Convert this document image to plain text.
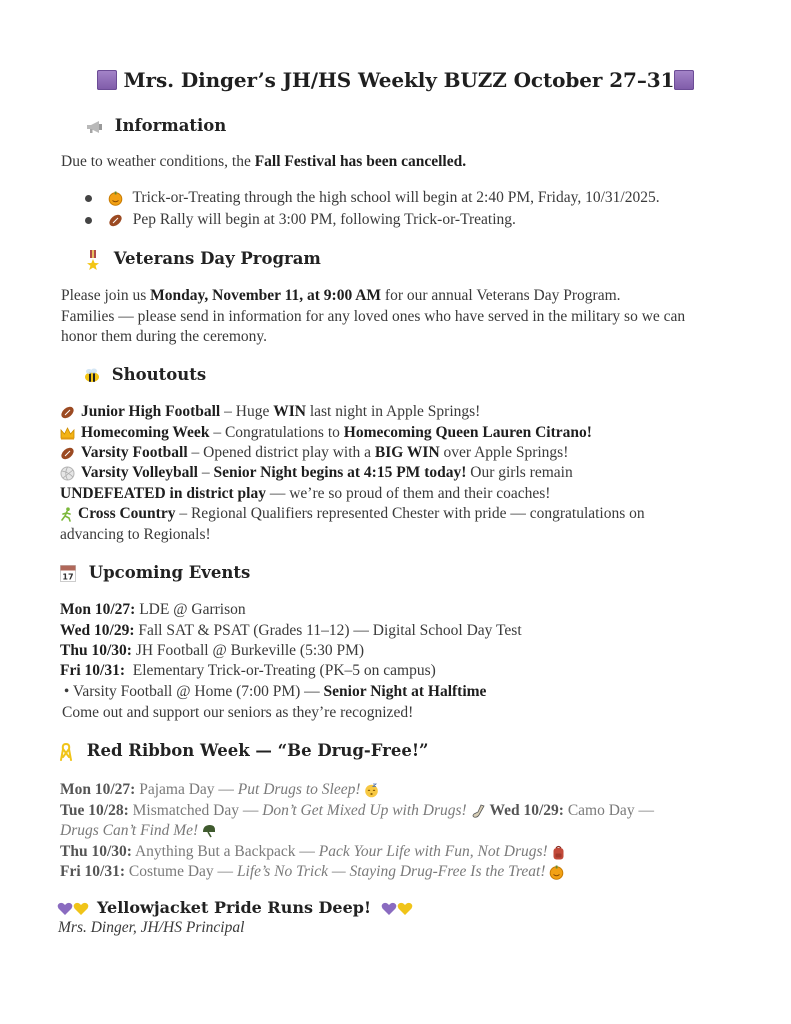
Mrs. Dinger’s JH/HS Weekly BUZZ October 27–31
Information
Due to weather conditions, the Fall Festival has been cancelled.
Trick-or-Treating through the high school will begin at 2:40 PM, Friday, 10/31/2025.
Pep Rally will begin at 3:00 PM, following Trick-or-Treating.
Veterans Day Program
Please join us Monday, November 11, at 9:00 AM for our annual Veterans Day Program.
Families — please send in information for any loved ones who have served in the military so we can
honor them during the ceremony.
Shoutouts
Junior High Football – Huge WIN last night in Apple Springs!
Homecoming Week – Congratulations to Homecoming Queen Lauren Citrano!
Varsity Football – Opened district play with a BIG WIN over Apple Springs!
Varsity Volleyball – Senior Night begins at 4:15 PM today! Our girls remain
UNDEFEATED in district play — we’re so proud of them and their coaches!
Cross Country – Regional Qualifiers represented Chester with pride — congratulations on
advancing to Regionals!
17 Upcoming Events
Mon 10/27: LDE @ Garrison
Wed 10/29: Fall SAT & PSAT (Grades 11–12) — Digital School Day Test
Thu 10/30: JH Football @ Burkeville (5:30 PM)
Fri 10/31:  Elementary Trick-or-Treating (PK–5 on campus)
• Varsity Football @ Home (7:00 PM) — Senior Night at Halftime
Come out and support our seniors as they’re recognized!
Red Ribbon Week — “Be Drug-Free!”
Mon 10/27: Pajama Day — Put Drugs to Sleep!
Tue 10/28: Mismatched Day — Don’t Get Mixed Up with Drugs! Wed 10/29: Camo Day —
Drugs Can’t Find Me!
Thu 10/30: Anything But a Backpack — Pack Your Life with Fun, Not Drugs!
Fri 10/31: Costume Day — Life’s No Trick — Staying Drug-Free Is the Treat!
Yellowjacket Pride Runs Deep!
Mrs. Dinger, JH/HS Principal
